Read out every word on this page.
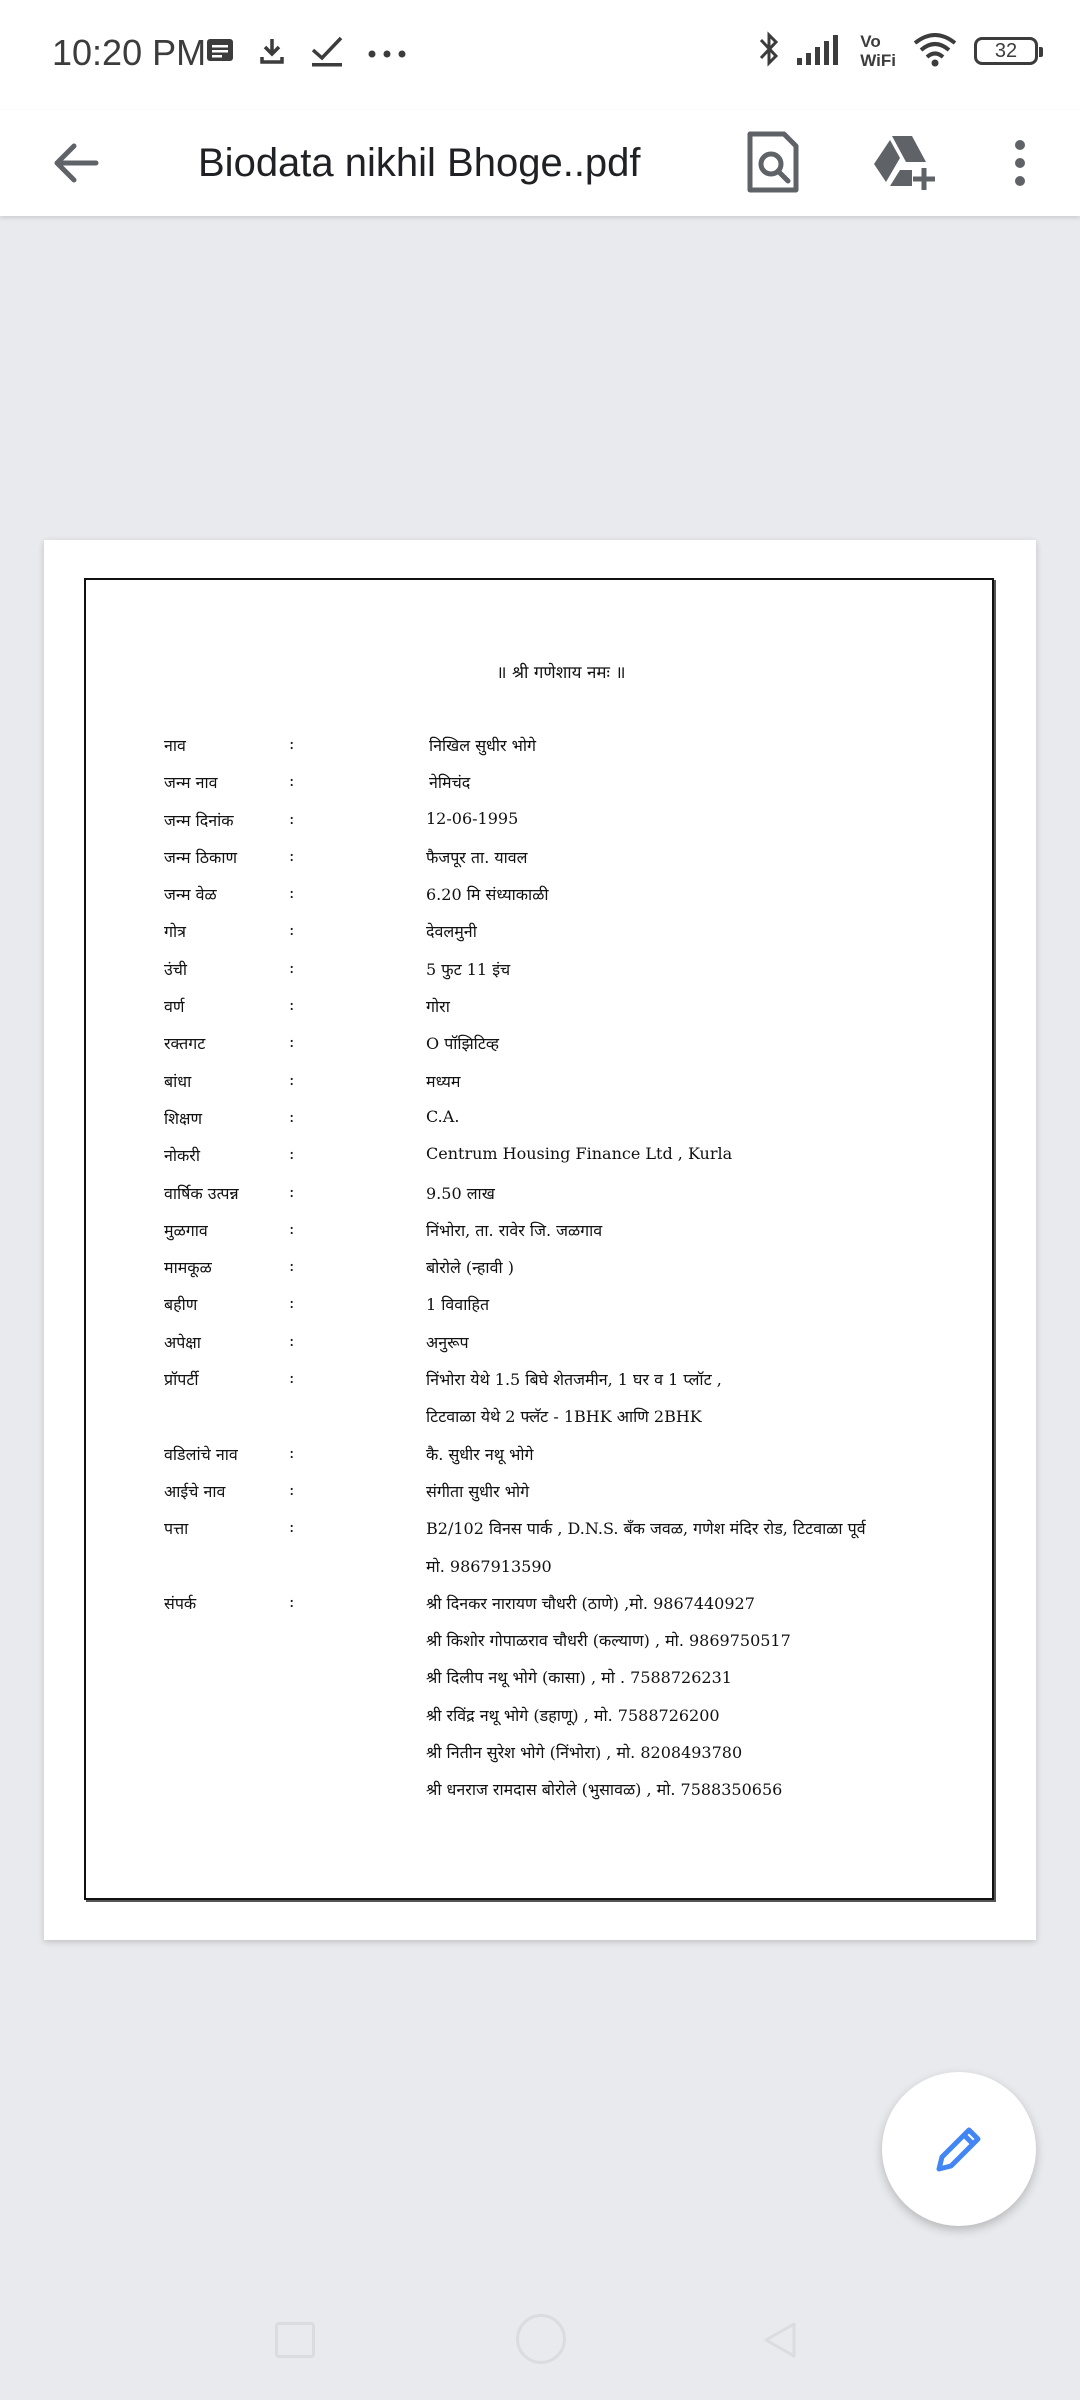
10:20 PM	Vo
WiFi	32
Biodata nikhil Bhoge..pdf
॥ श्री गणेशाय नमः ॥
नाव	:	निखिल सुधीर भोगे
जन्म नाव	:	नेमिचंद
जन्म दिनांक	:	12-06-1995
जन्म ठिकाण	:	फैजपूर ता. यावल
जन्म वेळ	:	6.20 मि संध्याकाळी
गोत्र	:	देवलमुनी
उंची	:	5 फुट 11 इंच
वर्ण	:	गोरा
रक्तगट	:	O पॉझिटिव्ह
बांधा	:	मध्यम
शिक्षण	:	C.A.
नोकरी	:	Centrum Housing Finance Ltd , Kurla
वार्षिक उत्पन्न	:	9.50 लाख
मुळगाव	:	निंभोरा, ता. रावेर जि. जळगाव
मामकूळ	:	बोरोले (न्हावी )
बहीण	:	1 विवाहित
अपेक्षा	:	अनुरूप
प्रॉपर्टी	:	निंभोरा येथे 1.5 बिघे शेतजमीन, 1 घर व 1 प्लॉट ,
टिटवाळा येथे 2 फ्लॅट - 1BHK आणि 2BHK
वडिलांचे नाव	:	कै. सुधीर नथू भोगे
आईचे नाव	:	संगीता सुधीर भोगे
पत्ता	:	B2/102 विनस पार्क , D.N.S. बँक जवळ, गणेश मंदिर रोड, टिटवाळा पूर्व
मो. 9867913590
संपर्क	:	श्री दिनकर नारायण चौधरी (ठाणे) ,मो. 9867440927
श्री किशोर गोपाळराव चौधरी (कल्याण) , मो. 9869750517
श्री दिलीप नथू भोगे (कासा) , मो . 7588726231
श्री रविंद्र नथू भोगे (डहाणू) , मो. 7588726200
श्री नितीन सुरेश भोगे (निंभोरा) , मो. 8208493780
श्री धनराज रामदास बोरोले (भुसावळ) , मो. 7588350656
